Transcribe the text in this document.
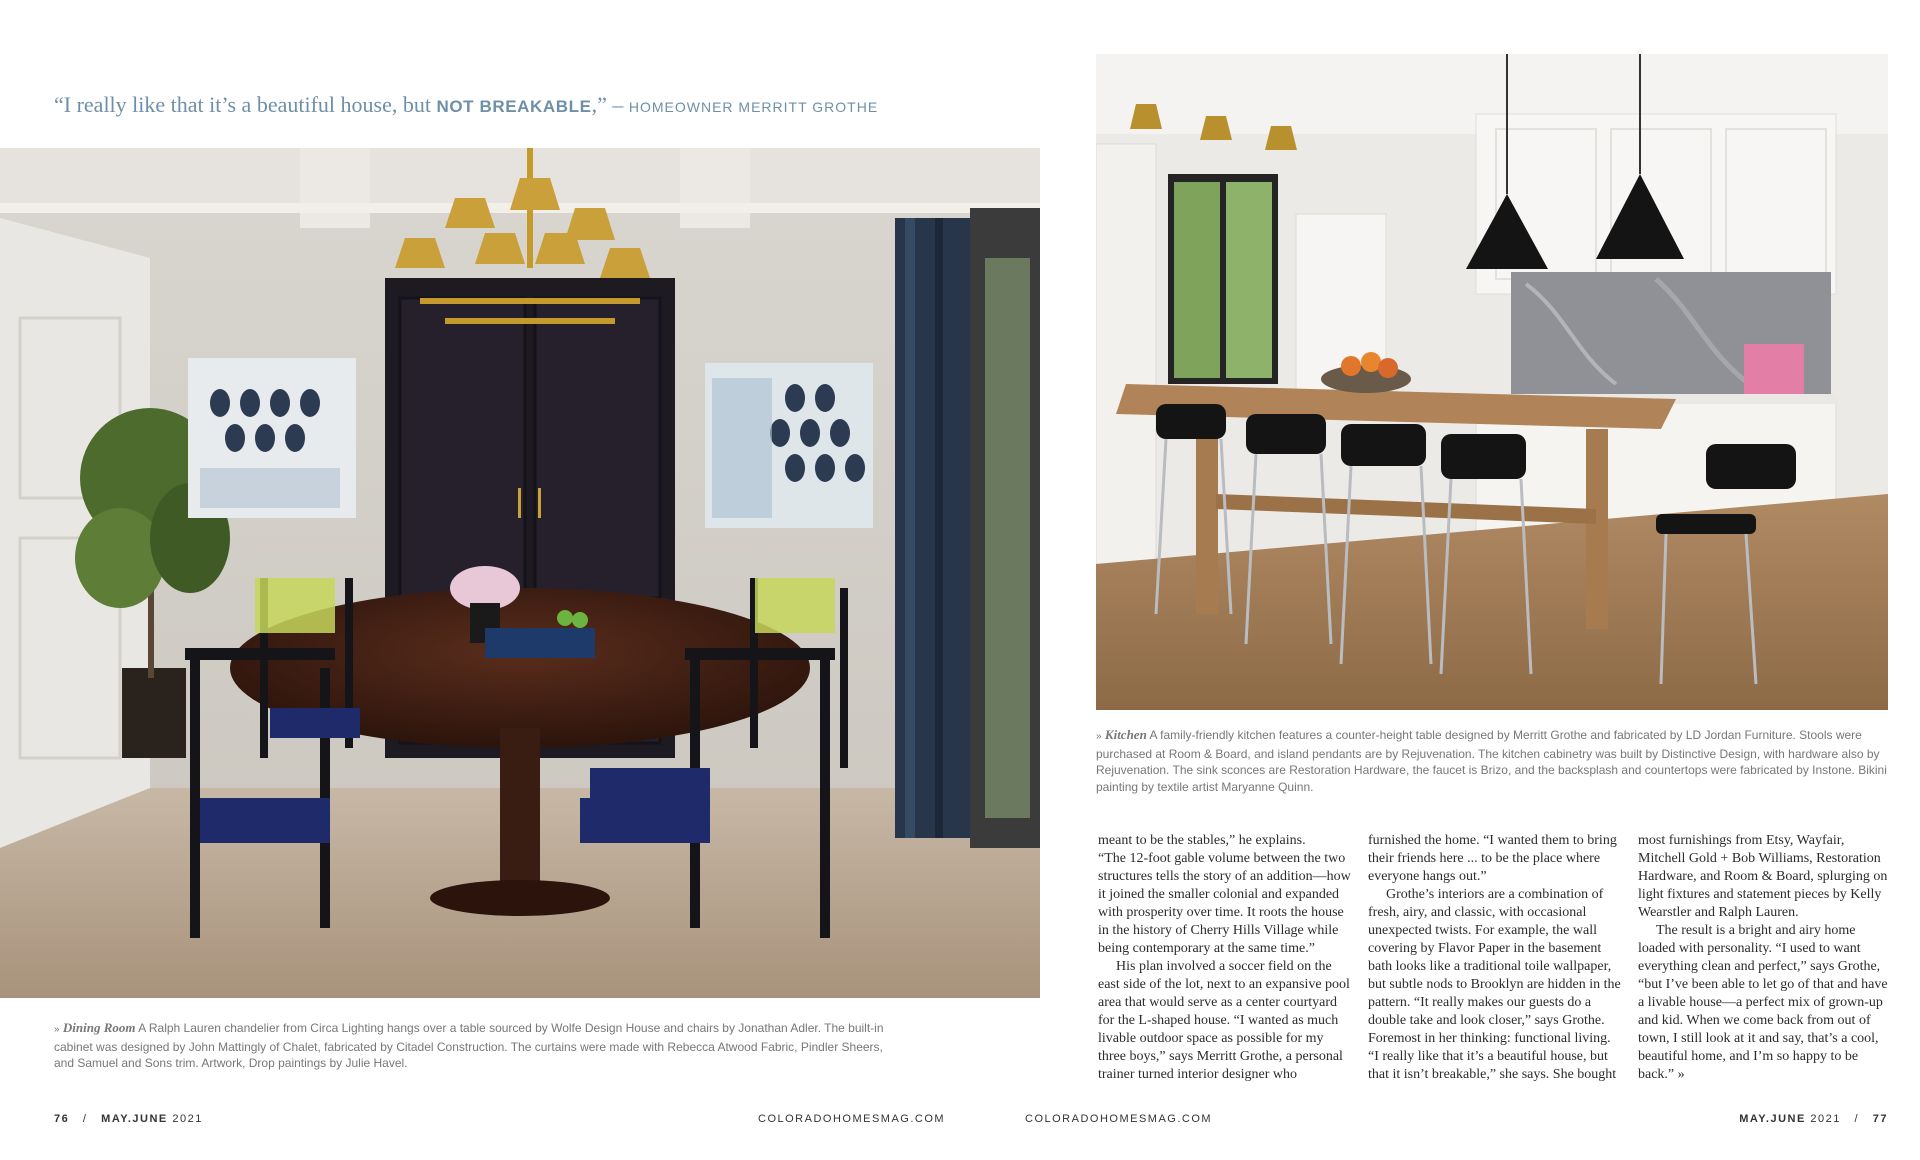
“I really like that it’s a beautiful house, but NOT BREAKABLE,” – HOMEOWNER MERRITT GROTHE
» Dining Room A Ralph Lauren chandelier from Circa Lighting hangs over a table sourced by Wolfe Design House and chairs by Jonathan Adler. The built-in cabinet was designed by John Mattingly of Chalet, fabricated by Citadel Construction. The curtains were made with Rebecca Atwood Fabric, Pindler Sheers, and Samuel and Sons trim. Artwork, Drop paintings by Julie Havel.
» Kitchen A family-friendly kitchen features a counter-height table designed by Merritt Grothe and fabricated by LD Jordan Furniture. Stools were purchased at Room & Board, and island pendants are by Rejuvenation. The kitchen cabinetry was built by Distinctive Design, with hardware also by Rejuvenation. The sink sconces are Restoration Hardware, the faucet is Brizo, and the backsplash and countertops were fabricated by Instone. Bikini painting by textile artist Maryanne Quinn.

meant to be the stables,” he explains.

“The 12-foot gable volume between the two structures tells the story of an addition—how it joined the smaller colonial and expanded with prosperity over time. It roots the house in the history of Cherry Hills Village while being contemporary at the same time.”

His plan involved a soccer field on the east side of the lot, next to an expansive pool area that would serve as a center courtyard for the L-shaped house. “I wanted as much livable outdoor space as possible for my three boys,” says Merritt Grothe, a personal trainer turned interior designer who

furnished the home. “I wanted them to bring their friends here ... to be the place where everyone hangs out.”

Grothe’s interiors are a combination of fresh, airy, and classic, with occasional unexpected twists. For example, the wall covering by Flavor Paper in the basement bath looks like a traditional toile wallpaper, but subtle nods to Brooklyn are hidden in the pattern. “It really makes our guests do a double take and look closer,” says Grothe. Foremost in her thinking: functional living. “I really like that it’s a beautiful house, but that it isn’t breakable,” she says. She bought

most furnishings from Etsy, Wayfair, Mitchell Gold + Bob Williams, Restoration Hardware, and Room & Board, splurging on light fixtures and statement pieces by Kelly Wearstler and Ralph Lauren.

The result is a bright and airy home loaded with personality. “I used to want everything clean and perfect,” says Grothe, “but I’ve been able to let go of that and have a livable house—a perfect mix of grown-up and kid. When we come back from out of town, I still look at it and say, that’s a cool, beautiful home, and I’m so happy to be back.” »

76 / MAY.JUNE 2021	COLORADOHOMESMAG.COM	COLORADOHOMESMAG.COM	MAY.JUNE 2021 / 77
